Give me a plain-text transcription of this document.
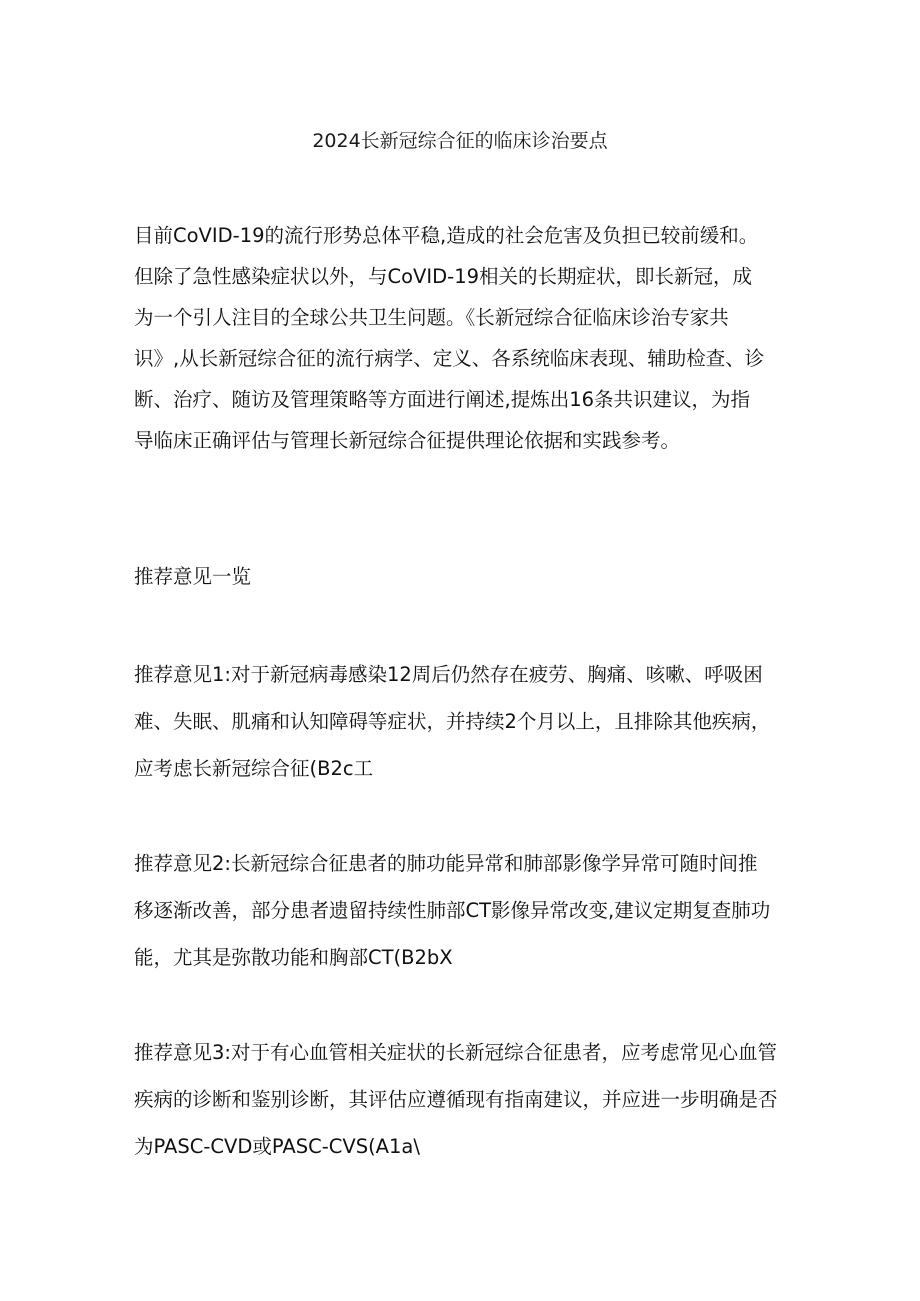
2024长新冠综合征的临床诊治要点
目前CoVID-19的流行形势总体平稳,造成的社会危害及负担已较前缓和。
但除了急性感染症状以外，与CoVID-19相关的长期症状，即长新冠，成
为一个引人注目的全球公共卫生问题。《长新冠综合征临床诊治专家共
识》,从长新冠综合征的流行病学、定义、各系统临床表现、辅助检查、诊
断、治疗、随访及管理策略等方面进行阐述,提炼出16条共识建议，为指
导临床正确评估与管理长新冠综合征提供理论依据和实践参考。
推荐意见一览
推荐意见1:对于新冠病毒感染12周后仍然存在疲劳、胸痛、咳嗽、呼吸困
难、失眠、肌痛和认知障碍等症状，并持续2个月以上，且排除其他疾病，
应考虑长新冠综合征(B2c工
推荐意见2:长新冠综合征患者的肺功能异常和肺部影像学异常可随时间推
移逐渐改善，部分患者遗留持续性肺部CT影像异常改变,建议定期复查肺功
能，尤其是弥散功能和胸部CT(B2bX
推荐意见3:对于有心血管相关症状的长新冠综合征患者，应考虑常见心血管
疾病的诊断和鉴别诊断，其评估应遵循现有指南建议，并应进一步明确是否
为PASC-CVD或PASC-CVS(A1a\
